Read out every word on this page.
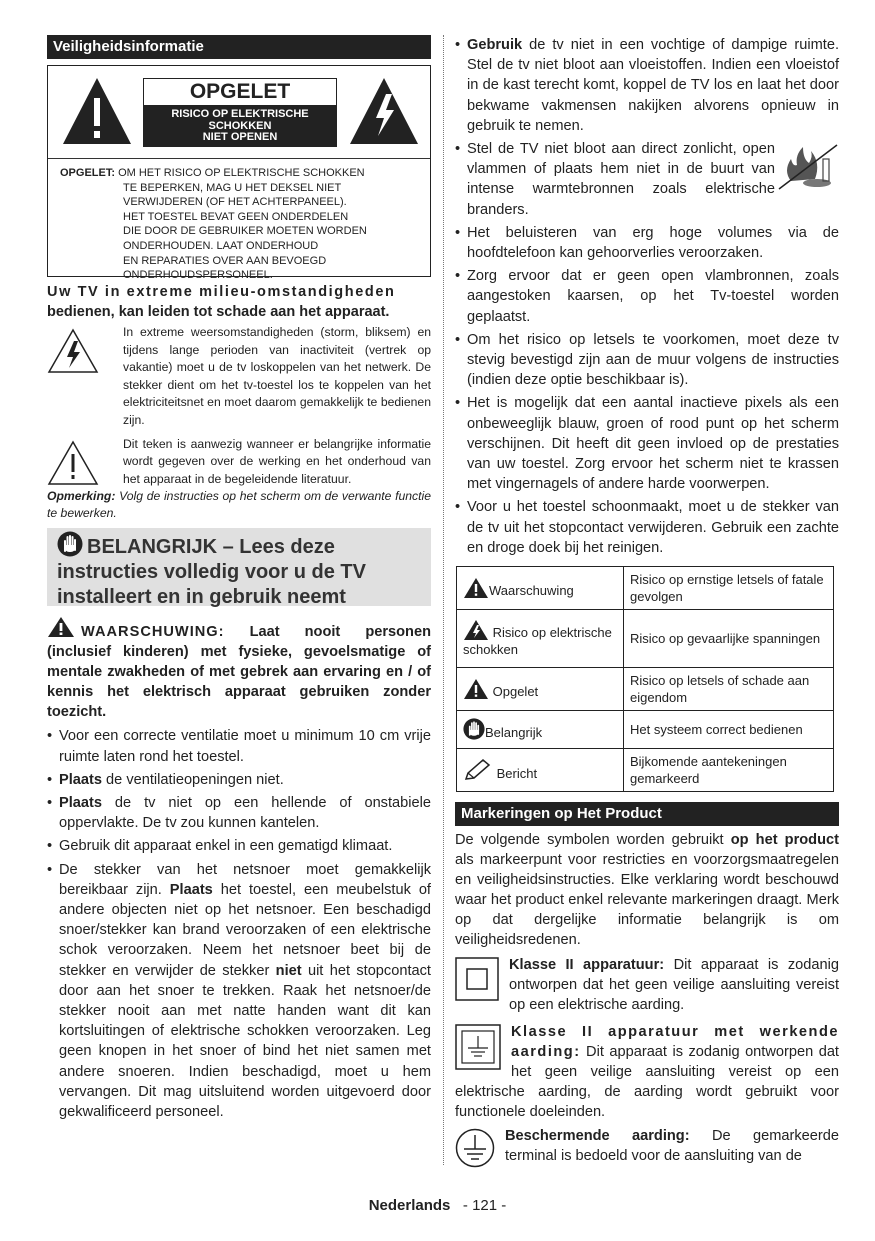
Veiligheidsinformatie
OPGELET
RISICO OP ELEKTRISCHE
SCHOKKEN
NIET OPENEN
OPGELET: OM HET RISICO OP ELEKTRISCHE SCHOKKEN
TE BEPERKEN, MAG U HET DEKSEL NIET
VERWIJDEREN (OF HET ACHTERPANEEL).
HET TOESTEL BEVAT GEEN ONDERDELEN
DIE DOOR DE GEBRUIKER MOETEN WORDEN
ONDERHOUDEN. LAAT ONDERHOUD
EN REPARATIES OVER AAN BEVOEGD
ONDERHOUDSPERSONEEL.
Uw TV in extreme milieu-omstandigheden
bedienen, kan leiden tot schade aan het apparaat.
In extreme weersomstandigheden (storm, bliksem) en tijdens lange perioden van inactiviteit (vertrek op vakantie) moet u de tv loskoppelen van het netwerk. De stekker dient om het tv-toestel los te koppelen van het elektriciteitsnet en moet daarom gemakkelijk te bedienen zijn.
Dit teken is aanwezig wanneer er belangrijke informatie wordt gegeven over de werking en het onderhoud van het apparaat in de begeleidende literatuur.
Opmerking: Volg de instructies op het scherm om de verwante functie te bewerken.
BELANGRIJK – Lees deze instructies volledig voor u de TV installeert en in gebruik neemt
WAARSCHUWING: Laat nooit personen (inclusief kinderen) met fysieke, gevoelsmatige of mentale zwakheden of met gebrek aan ervaring en / of kennis het elektrisch apparaat gebruiken zonder toezicht.
• Voor een correcte ventilatie moet u minimum 10 cm vrije ruimte laten rond het toestel.
• Plaats de ventilatieopeningen niet.
• Plaats de tv niet op een hellende of onstabiele oppervlakte. De tv zou kunnen kantelen.
• Gebruik dit apparaat enkel in een gematigd klimaat.
• De stekker van het netsnoer moet gemakkelijk bereikbaar zijn. Plaats het toestel, een meubelstuk of andere objecten niet op het netsnoer. Een beschadigd snoer/stekker kan brand veroorzaken of een elektrische schok veroorzaken. Neem het netsnoer beet bij de stekker en verwijder de stekker niet uit het stopcontact door aan het snoer te trekken. Raak het netsnoer/de stekker nooit aan met natte handen want dit kan kortsluitingen of elektrische schokken veroorzaken. Leg geen knopen in het snoer of bind het niet samen met andere snoeren. Indien beschadigd, moet u hem vervangen. Dit mag uitsluitend worden uitgevoerd door gekwalificeerd personeel.
• Gebruik de tv niet in een vochtige of dampige ruimte. Stel de tv niet bloot aan vloeistoffen. Indien een vloeistof in de kast terecht komt, koppel de TV los en laat het door bekwame vakmensen nakijken alvorens opnieuw in gebruik te nemen.
• Stel de TV niet bloot aan direct zonlicht, open vlammen of plaats hem niet in de buurt van intense warmtebronnen zoals elektrische branders.
• Het beluisteren van erg hoge volumes via de hoofdtelefoon kan gehoorverlies veroorzaken.
• Zorg ervoor dat er geen open vlambronnen, zoals aangestoken kaarsen, op het Tv-toestel worden geplaatst.
• Om het risico op letsels te voorkomen, moet deze tv stevig bevestigd zijn aan de muur volgens de instructies (indien deze optie beschikbaar is).
• Het is mogelijk dat een aantal inactieve pixels als een onbeweeglijk blauw, groen of rood punt op het scherm verschijnen. Dit heeft dit geen invloed op de prestaties van uw toestel. Zorg ervoor het scherm niet te krassen met vingernagels of andere harde voorwerpen.
• Voor u het toestel schoonmaakt, moet u de stekker van de tv uit het stopcontact verwijderen. Gebruik een zachte en droge doek bij het reinigen.
Waarschuwing	Risico op ernstige letsels of fatale gevolgen
Risico op elektrische schokken	Risico op gevaarlijke spanningen
Opgelet	Risico op letsels of schade aan eigendom
Belangrijk	Het systeem correct bedienen
Bericht	Bijkomende aantekeningen gemarkeerd
Markeringen op Het Product
De volgende symbolen worden gebruikt op het product als markeerpunt voor restricties en voorzorgsmaatregelen en veiligheidsinstructies. Elke verklaring wordt beschouwd waar het product enkel relevante markeringen draagt. Merk op dat dergelijke informatie belangrijk is om veiligheidsredenen.
Klasse II apparatuur: Dit apparaat is zodanig ontworpen dat het geen veilige aansluiting vereist op een elektrische aarding.
Klasse II apparatuur met werkende aarding: Dit apparaat is zodanig ontworpen dat het geen veilige aansluiting vereist op een elektrische aarding, de aarding wordt gebruikt voor functionele doeleinden.
Beschermende aarding: De gemarkeerde terminal is bedoeld voor de aansluiting van de
Nederlands - 121 -
